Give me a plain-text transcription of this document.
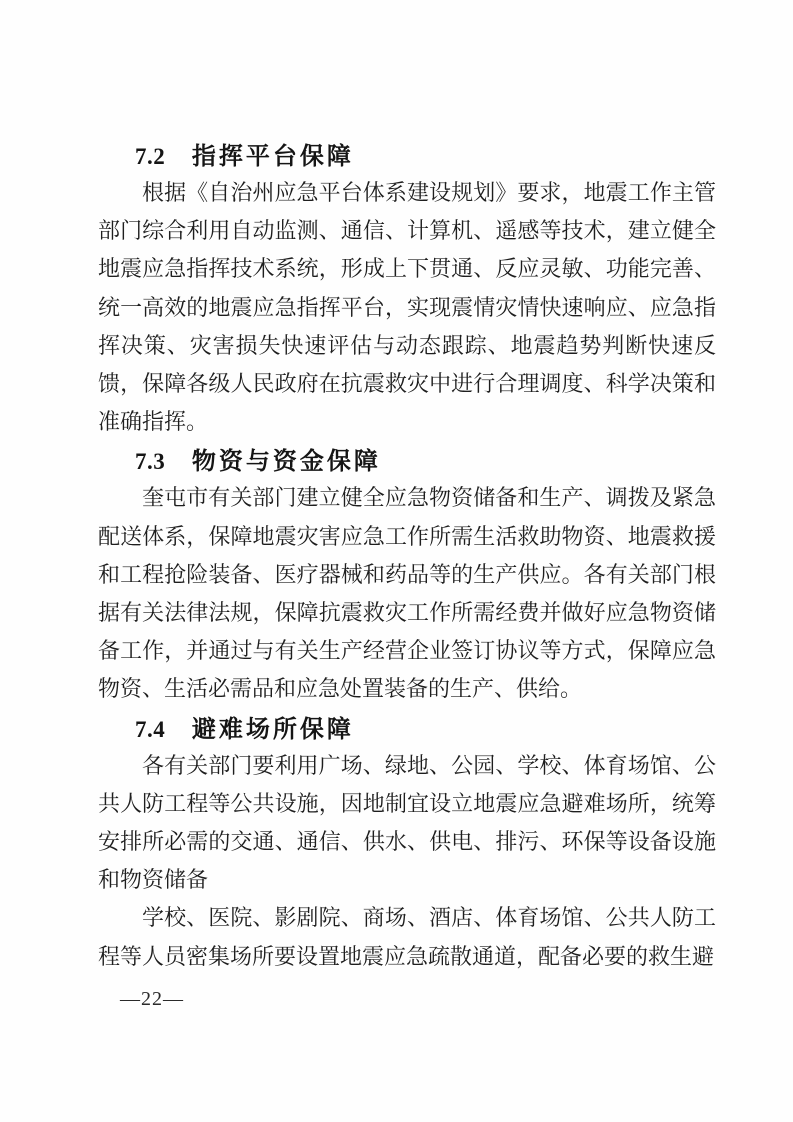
7.2 指挥平台保障

根据《自治州应急平台体系建设规划》要求，地震工作主管部门综合利用自动监测、通信、计算机、遥感等技术，建立健全地震应急指挥技术系统，形成上下贯通、反应灵敏、功能完善、统一高效的地震应急指挥平台，实现震情灾情快速响应、应急指挥决策、灾害损失快速评估与动态跟踪、地震趋势判断快速反馈，保障各级人民政府在抗震救灾中进行合理调度、科学决策和准确指挥。

7.3 物资与资金保障

奎屯市有关部门建立健全应急物资储备和生产、调拨及紧急配送体系，保障地震灾害应急工作所需生活救助物资、地震救援和工程抢险装备、医疗器械和药品等的生产供应。各有关部门根据有关法律法规，保障抗震救灾工作所需经费并做好应急物资储备工作，并通过与有关生产经营企业签订协议等方式，保障应急物资、生活必需品和应急处置装备的生产、供给。

7.4 避难场所保障

各有关部门要利用广场、绿地、公园、学校、体育场馆、公共人防工程等公共设施，因地制宜设立地震应急避难场所，统筹安排所必需的交通、通信、供水、供电、排污、环保等设备设施和物资储备

学校、医院、影剧院、商场、酒店、体育场馆、公共人防工程等人员密集场所要设置地震应急疏散通道，配备必要的救生避

—22—
